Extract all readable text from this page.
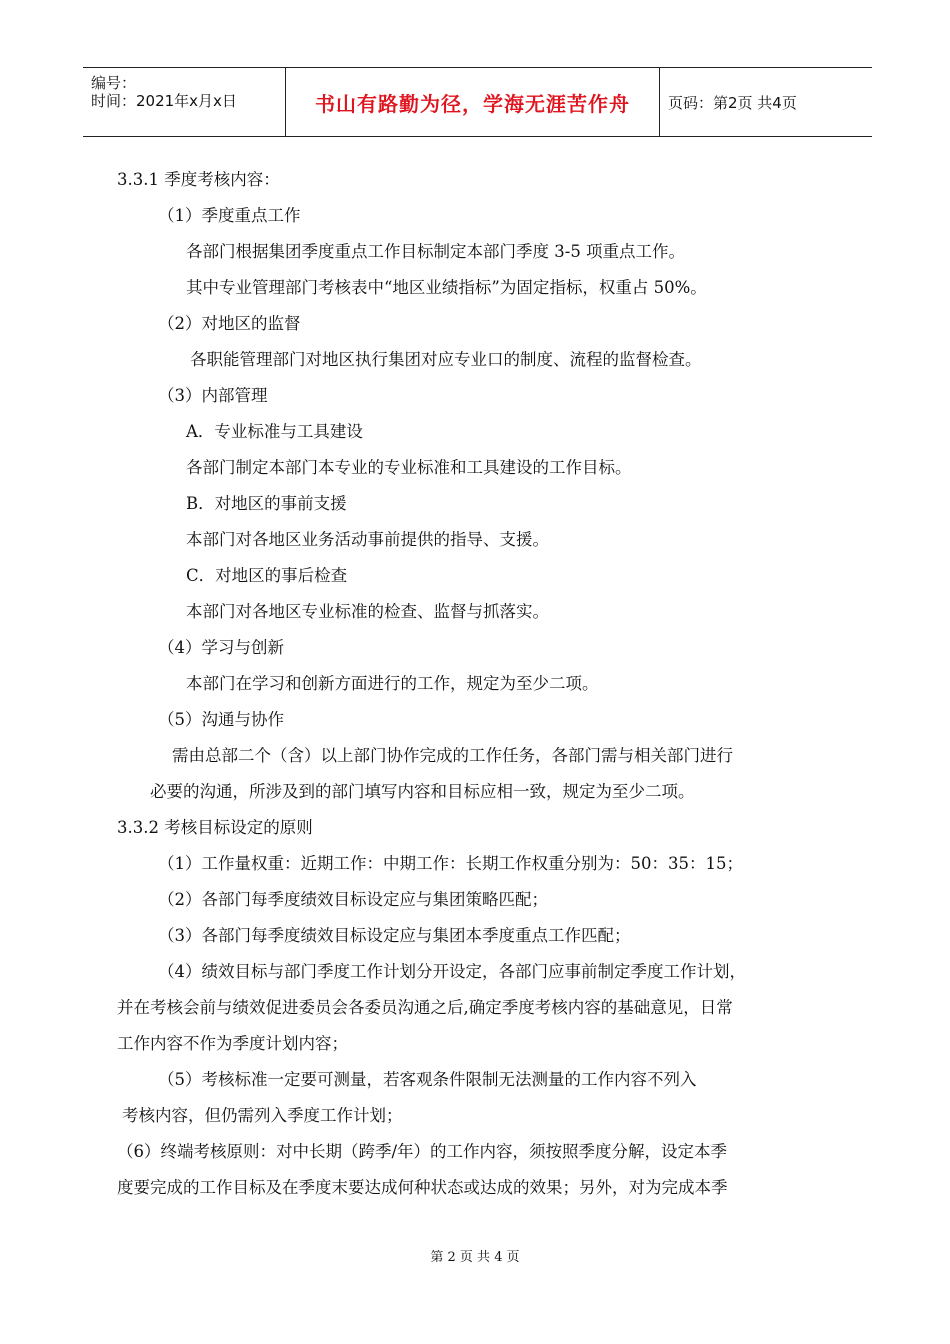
编号：
时间：2021年x月x日	书山有路勤为径，学海无涯苦作舟	页码：第2页 共4页
3.3.1 季度考核内容：
（1）季度重点工作
各部门根据集团季度重点工作目标制定本部门季度 3-5 项重点工作。
其中专业管理部门考核表中“地区业绩指标”为固定指标，权重占 50%。
（2）对地区的监督
各职能管理部门对地区执行集团对应专业口的制度、流程的监督检查。
（3）内部管理
A．专业标准与工具建设
各部门制定本部门本专业的专业标准和工具建设的工作目标。
B．对地区的事前支援
本部门对各地区业务活动事前提供的指导、支援。
C．对地区的事后检查
本部门对各地区专业标准的检查、监督与抓落实。
（4）学习与创新
本部门在学习和创新方面进行的工作，规定为至少二项。
（5）沟通与协作
需由总部二个（含）以上部门协作完成的工作任务，各部门需与相关部门进行
必要的沟通，所涉及到的部门填写内容和目标应相一致，规定为至少二项。
3.3.2 考核目标设定的原则
（1）工作量权重：近期工作：中期工作：长期工作权重分别为：50：35：15；
（2）各部门每季度绩效目标设定应与集团策略匹配；
（3）各部门每季度绩效目标设定应与集团本季度重点工作匹配；
（4）绩效目标与部门季度工作计划分开设定，各部门应事前制定季度工作计划，
并在考核会前与绩效促进委员会各委员沟通之后,确定季度考核内容的基础意见，日常
工作内容不作为季度计划内容；
（5）考核标准一定要可测量，若客观条件限制无法测量的工作内容不列入
考核内容，但仍需列入季度工作计划；
（6）终端考核原则：对中长期（跨季/年）的工作内容，须按照季度分解，设定本季
度要完成的工作目标及在季度末要达成何种状态或达成的效果；另外，对为完成本季
第 2 页 共 4 页
